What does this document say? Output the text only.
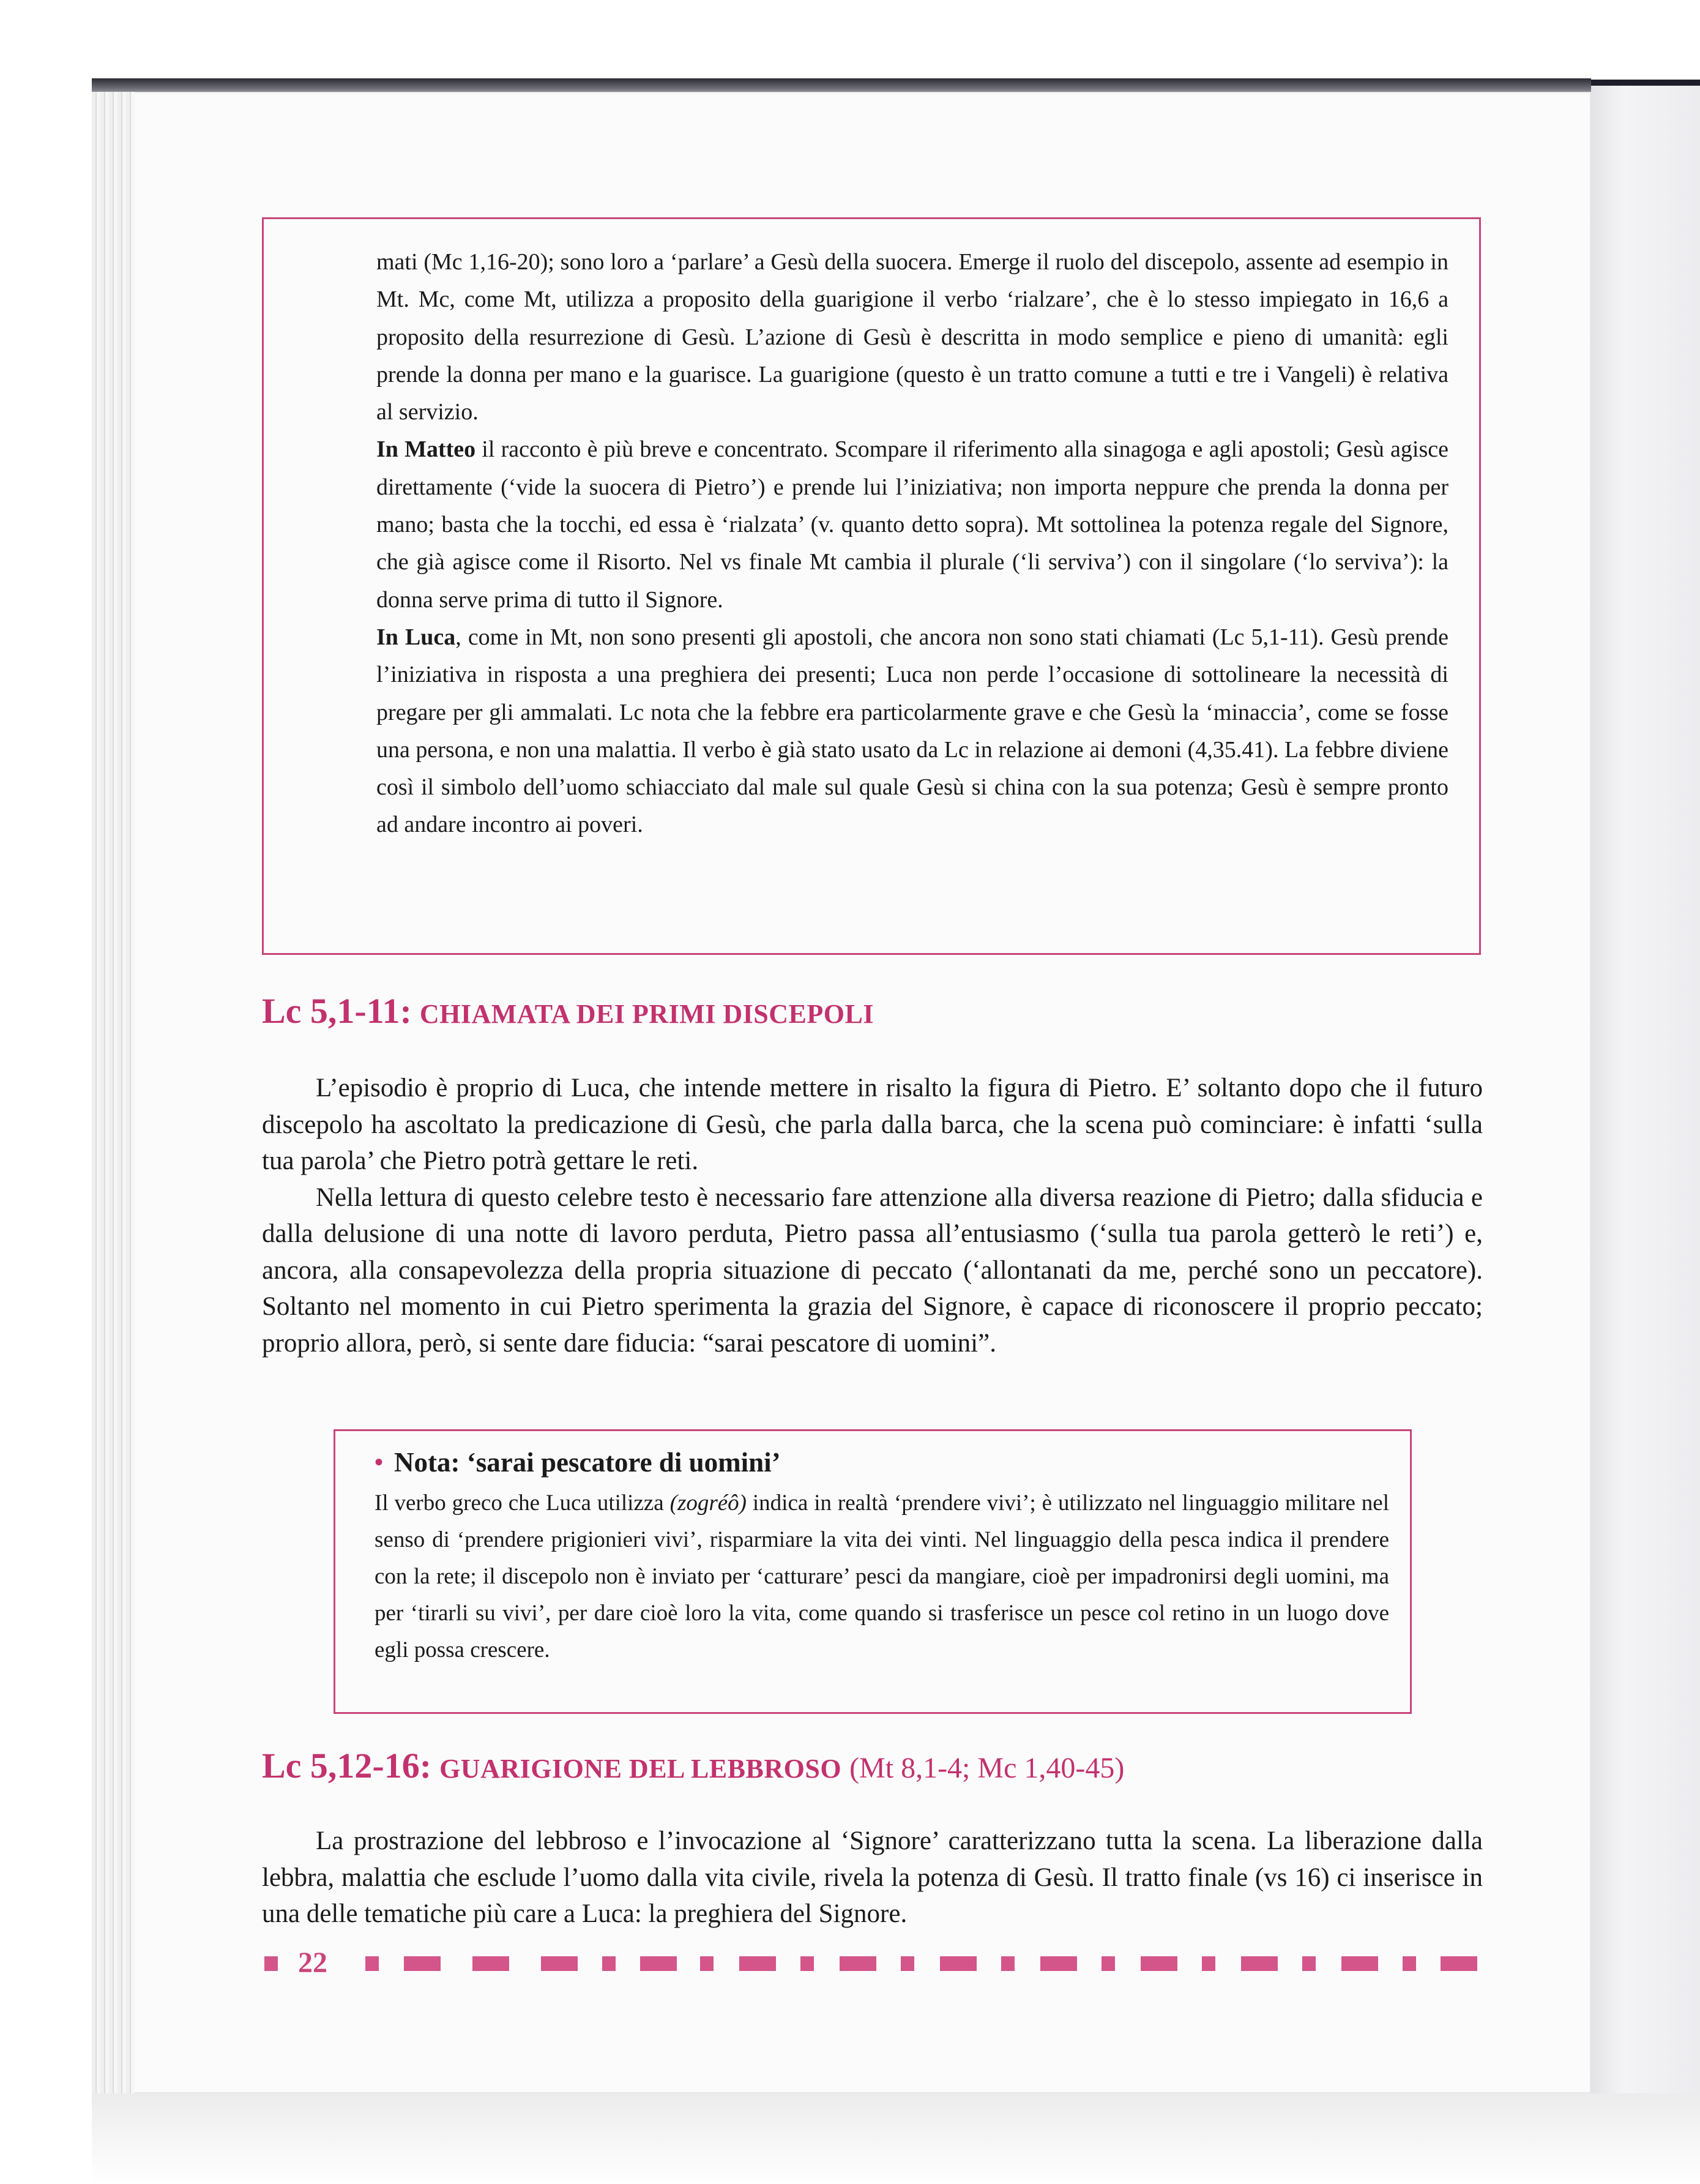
mati (Mc 1,16-20); sono loro a ‘parlare’ a Gesù della suocera. Emerge il ruolo del discepolo, assente ad esempio in Mt. Mc, come Mt, utilizza a proposito della guarigione il verbo ‘rialzare’, che è lo stesso impiegato in 16,6 a proposito della resurrezione di Gesù. L’azione di Gesù è descritta in modo semplice e pieno di umanità: egli prende la donna per mano e la guarisce. La guarigione (questo è un tratto comune a tutti e tre i Vangeli) è relativa al servizio.

In Matteo il racconto è più breve e concentrato. Scompare il riferimento alla sinagoga e agli apostoli; Gesù agisce direttamente (‘vide la suocera di Pietro’) e prende lui l’iniziativa; non importa neppure che prenda la donna per mano; basta che la tocchi, ed essa è ‘rialzata’ (v. quanto detto sopra). Mt sottolinea la potenza regale del Signore, che già agisce come il Risorto. Nel vs finale Mt cambia il plurale (‘li serviva’) con il singolare (‘lo serviva’): la donna serve prima di tutto il Signore.

In Luca, come in Mt, non sono presenti gli apostoli, che ancora non sono stati chiamati (Lc 5,1-11). Gesù prende l’iniziativa in risposta a una preghiera dei presenti; Luca non perde l’occasione di sottolineare la necessità di pregare per gli ammalati. Lc nota che la febbre era particolarmente grave e che Gesù la ‘minaccia’, come se fosse una persona, e non una malattia. Il verbo è già stato usato da Lc in relazione ai demoni (4,35.41). La febbre diviene così il simbolo dell’uomo schiacciato dal male sul quale Gesù si china con la sua potenza; Gesù è sempre pronto ad andare incontro ai poveri.

Lc 5,1-11: CHIAMATA DEI PRIMI DISCEPOLI

L’episodio è proprio di Luca, che intende mettere in risalto la figura di Pietro. E’ soltanto dopo che il futuro discepolo ha ascoltato la predicazione di Gesù, che parla dalla barca, che la scena può cominciare: è infatti ‘sulla tua parola’ che Pietro potrà gettare le reti.

Nella lettura di questo celebre testo è necessario fare attenzione alla diversa reazione di Pietro; dalla sfiducia e dalla delusione di una notte di lavoro perduta, Pietro passa all’entusiasmo (‘sulla tua parola getterò le reti’) e, ancora, alla consapevolezza della propria situazione di peccato (‘allontanati da me, perché sono un peccatore). Soltanto nel momento in cui Pietro sperimenta la grazia del Signore, è capace di riconoscere il proprio peccato; proprio allora, però, si sente dare fiducia: “sarai pescatore di uomini”.

• Nota: ‘sarai pescatore di uomini’

Il verbo greco che Luca utilizza (zogréô) indica in realtà ‘prendere vivi’; è utilizzato nel linguaggio militare nel senso di ‘prendere prigionieri vivi’, risparmiare la vita dei vinti. Nel linguaggio della pesca indica il prendere con la rete; il discepolo non è inviato per ‘catturare’ pesci da mangiare, cioè per impadronirsi degli uomini, ma per ‘tirarli su vivi’, per dare cioè loro la vita, come quando si trasferisce un pesce col retino in un luogo dove egli possa crescere.

Lc 5,12-16: GUARIGIONE DEL LEBBROSO (Mt 8,1-4; Mc 1,40-45)

La prostrazione del lebbroso e l’invocazione al ‘Signore’ caratterizzano tutta la scena. La liberazione dalla lebbra, malattia che esclude l’uomo dalla vita civile, rivela la potenza di Gesù. Il tratto finale (vs 16) ci inserisce in una delle tematiche più care a Luca: la preghiera del Signore.

22
